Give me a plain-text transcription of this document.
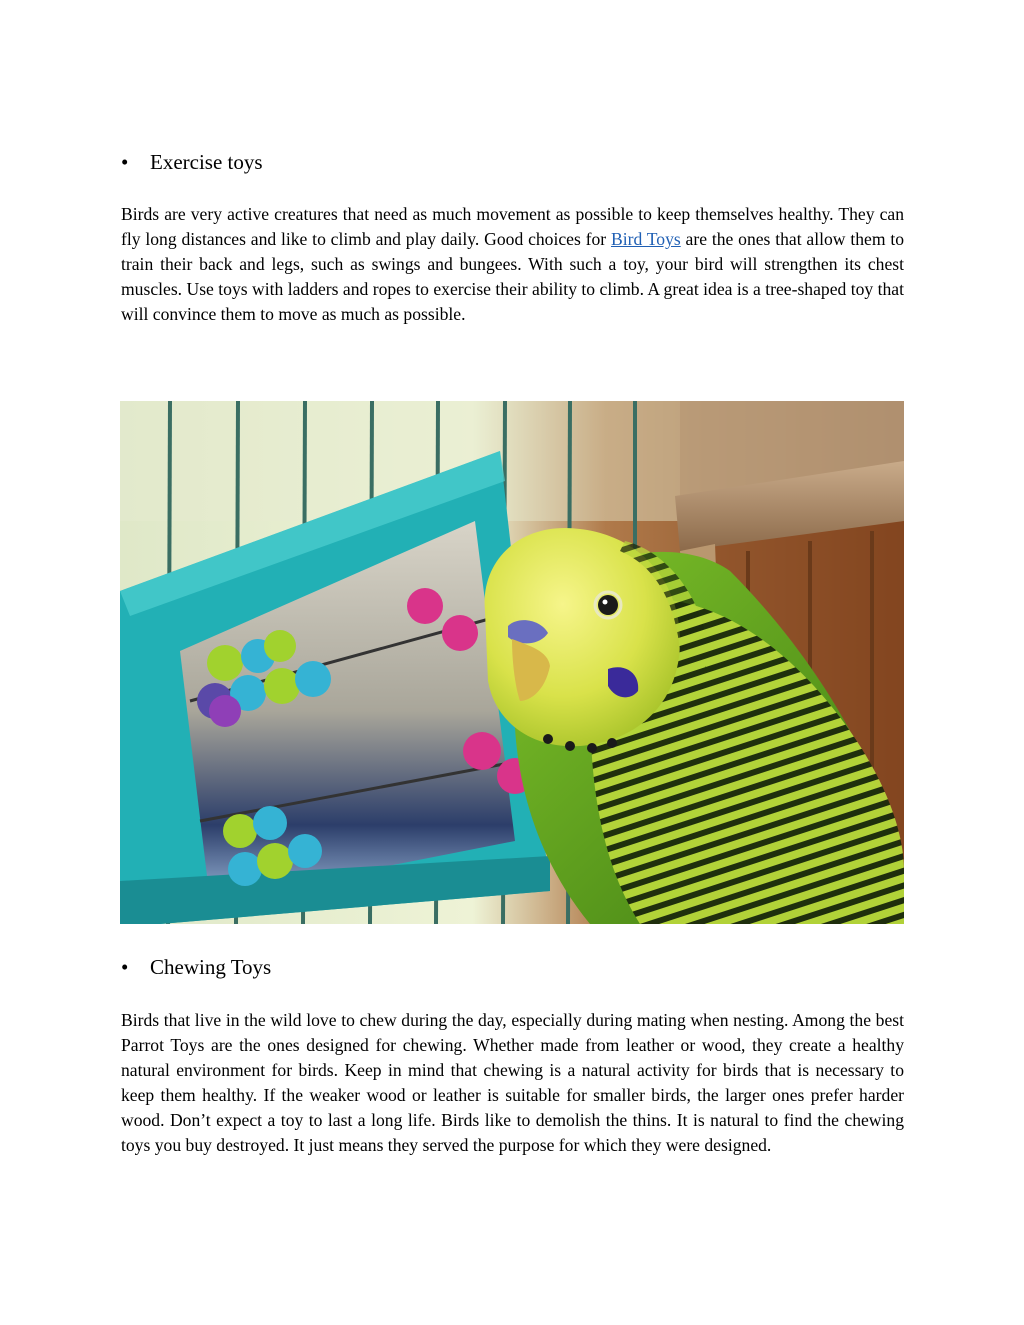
• Exercise toys

Birds are very active creatures that need as much movement as possible to keep themselves healthy. They can fly long distances and like to climb and play daily. Good choices for Bird Toys are the ones that allow them to train their back and legs, such as swings and bungees. With such a toy, your bird will strengthen its chest muscles. Use toys with ladders and ropes to exercise their ability to climb. A great idea is a tree-shaped toy that will convince them to move as much as possible.

• Chewing Toys

Birds that live in the wild love to chew during the day, especially during mating when nesting. Among the best Parrot Toys are the ones designed for chewing. Whether made from leather or wood, they create a healthy natural environment for birds. Keep in mind that chewing is a natural activity for birds that is necessary to keep them healthy. If the weaker wood or leather is suitable for smaller birds, the larger ones prefer harder wood. Don’t expect a toy to last a long life. Birds like to demolish the thins. It is natural to find the chewing toys you buy destroyed. It just means they served the purpose for which they were designed.
